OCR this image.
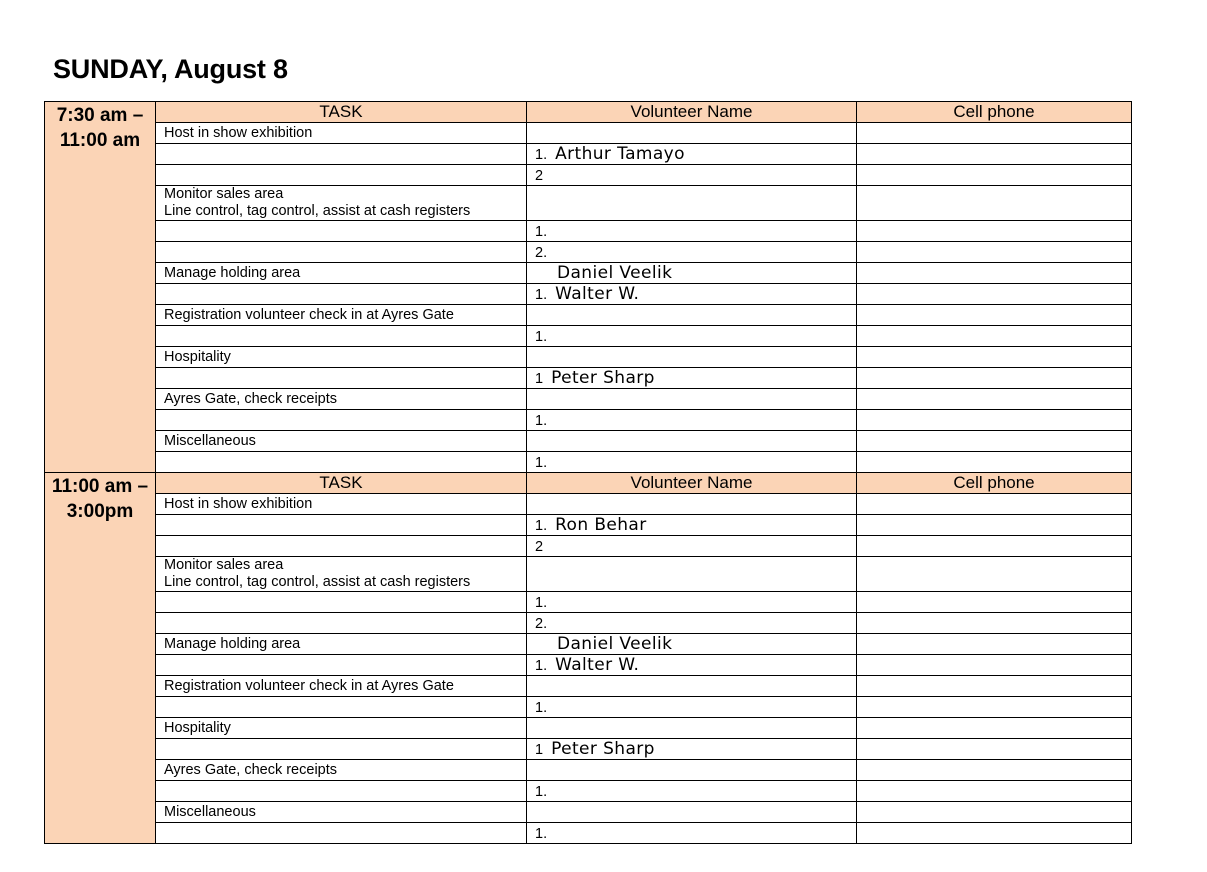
SUNDAY, August 8
7:30 am – 11:00 am	TASK	Volunteer Name	Cell phone
	Host in show exhibition		
		1. Arthur Tamayo	
		2	

	Monitor sales area
Line control, tag control, assist at cash registers		

		1.	
		2.	
	Manage holding area	Daniel Veelik	
		1. Walter W.	
	Registration volunteer check in at Ayres Gate		
		1.	
	Hospitality		
		1 Peter Sharp	
	Ayres Gate, check receipts		
		1.	
	Miscellaneous		
		1.	
11:00 am – 3:00pm	TASK	Volunteer Name	Cell phone
	Host in show exhibition		
		1. Ron Behar	
		2	

	Monitor sales area
Line control, tag control, assist at cash registers		

		1.	
		2.	
	Manage holding area	Daniel Veelik	
		1. Walter W.	
	Registration volunteer check in at Ayres Gate		
		1.	
	Hospitality		
		1 Peter Sharp	
	Ayres Gate, check receipts		
		1.	
	Miscellaneous		
		1.	
